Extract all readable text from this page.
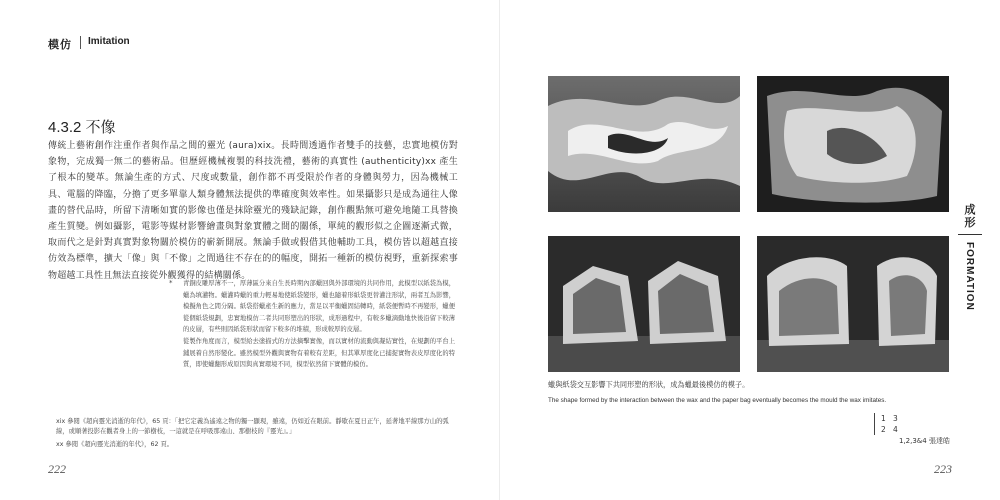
模仿 Imitation
4.3.2 不像
傳統上藝術創作注重作者與作品之間的靈光 (aura)xix。長時間透過作者雙手的技藝，忠實地模仿對象物，完成獨一無二的藝術品。但歷經機械複製的科技洗禮，藝術的真實性 (authenticity)xx 產生了根本的變革。無論生產的方式、尺度或數量，創作都不再受限於作者的身體與勞力，因為機械工具、電腦的降臨，分擔了更多單靠人類身體無法提供的準確度與效率性。如果攝影只是成為通往人像畫的替代品時，所留下清晰如實的影像也僅是抹除靈光的殘缺記錄，創作觀點無可避免地隨工具替換產生質變。例如攝影，電影等媒材影響繪畫與對象實體之間的關係，單純的觀形似之企圖逐漸式微，取而代之是針對真實對象物關於模仿的嶄新開展。無論手做或假借其他輔助工具，模仿皆以超越直接仿效為標準，擴大「像」與「不像」之間過往不存在的的幅度，開拓一種新的模仿視野，重新探索事物超越工具性且無法直接從外觀獲得的結構關係。
* 青銅皮雕厚薄不一，厚薄區分來自生長時期內部蠟回與外部環境的共同作用，此模型以紙袋為模，蠟為填灌物。蠟灌時蠟的重力輕易地使紙袋變形，蠟也隨着形紙袋更替灌注形狀，兩者互為影響，模擬角色之間分隔。紙袋搭蠟產生新的應力，當足以平衡蠟固結轉時，紙袋便暫時不再變形，蠟便從個紙袋規劃，忠實地模仿二者共同形塑出的形狀，成形過程中，有較多蠟滴動地快後沿留下較薄的皮層，有些則因紙袋形狀而留下較多的堆積，形成較厚的皮層。
從製作角度而言，模型給去塗描式的方法摘擊實像，而以實材的流動與凝結實性，在規劃的平台上鋪展着自然形變化。雖然模型外觀與實物有着較有差距，但其單厚度化已捕捉實物表皮厚度化的特質，即使蠟翻形成原因與真實環境不同，模型依然留下實體的模仿。
xix 參閱《超向靈光消逝的年代》，65 頁：「把它定義為遙遠之物的獨一顯現，雖遠，仍如近在眼前。靜歇在夏日正午，延著地平線那方山的弧線，或順著投影在觀者身上的一節樹枝，一這就是在呼吸那遠山、那樹枝的『靈光』。」
xx 參閱《超向靈光消逝的年代》，62 頁。
222
成
形
FORMATION
蠟與紙袋交互影響下共同形塑的形狀，成為蠟最後模仿的模子。
The shape formed by the interaction between the wax and the paper bag eventually becomes the mould the wax imitates.
1 3
2 4
1,2,3&4 張達皓
223
